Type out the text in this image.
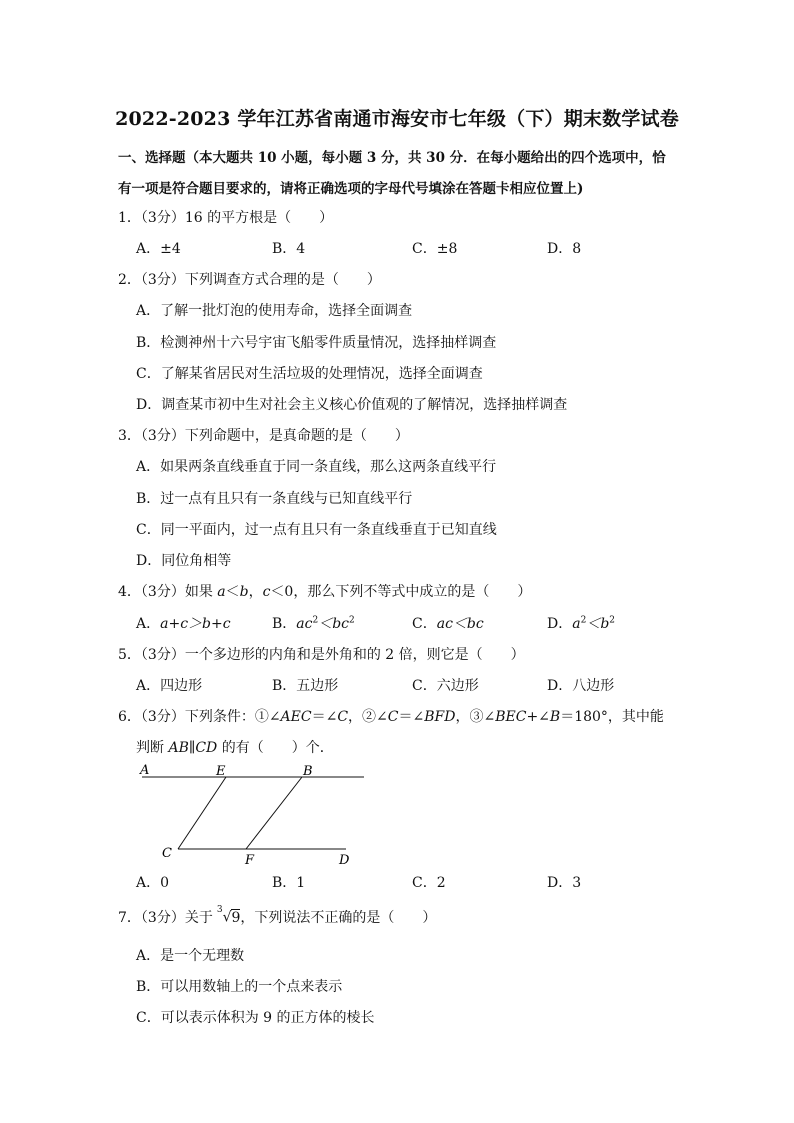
2022-2023 学年江苏省南通市海安市七年级（下）期末数学试卷
一、选择题（本大题共 10 小题，每小题 3 分，共 30 分．在每小题给出的四个选项中，恰
有一项是符合题目要求的，请将正确选项的字母代号填涂在答题卡相应位置上)
1．（3分）16 的平方根是（　　）
A．±4	B．4	C．±8	D．8
2．（3分）下列调查方式合理的是（　　）
A．了解一批灯泡的使用寿命，选择全面调查
B．检测神州十六号宇宙飞船零件质量情况，选择抽样调查
C．了解某省居民对生活垃圾的处理情况，选择全面调查
D．调查某市初中生对社会主义核心价值观的了解情况，选择抽样调查
3．（3分）下列命题中，是真命题的是（　　）
A．如果两条直线垂直于同一条直线，那么这两条直线平行
B．过一点有且只有一条直线与已知直线平行
C．同一平面内，过一点有且只有一条直线垂直于已知直线
D．同位角相等
4．（3分）如果 a＜b，c＜0，那么下列不等式中成立的是（　　）
A．a+c＞b+c	B．$ac^2<bc^2$	C．ac＜bc	D．$a^2<b^2$
5．（3分）一个多边形的内角和是外角和的 2 倍，则它是（　　）
A．四边形	B．五边形	C．六边形	D．八边形
6．（3分）下列条件：①∠AEC＝∠C，②∠C＝∠BFD，③∠BEC+∠B＝180°，其中能
判断 AB∥CD 的有（　　）个．
A	E	B
C	F	D
A．0	B．1	C．2	D．3
7．（3分）关于 $^3$√9，下列说法不正确的是（　　）
A．是一个无理数
B．可以用数轴上的一个点来表示
C．可以表示体积为 9 的正方体的棱长
